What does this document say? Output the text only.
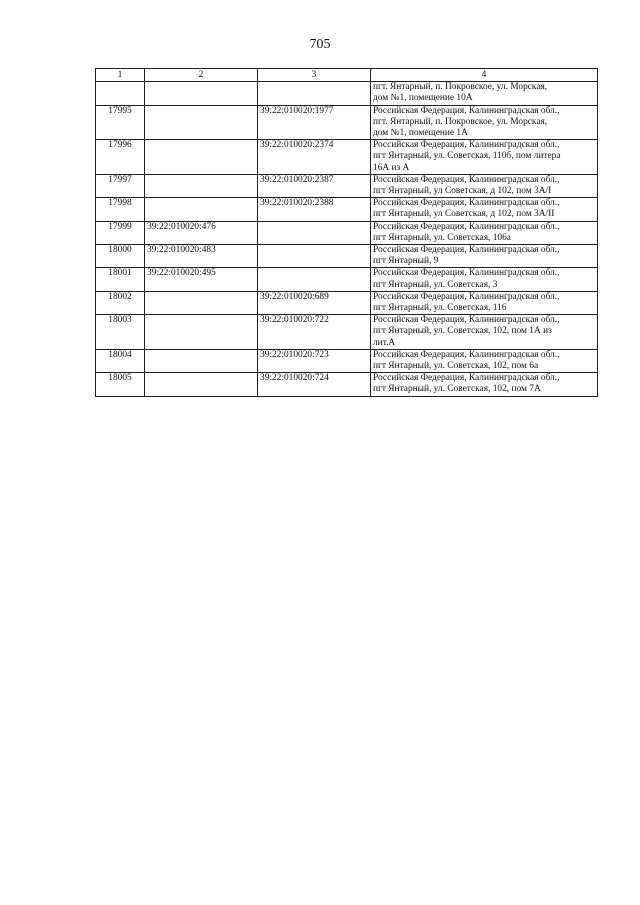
705
1	2	3	4
			пгт. Янтарный, п. Покровское, ул. Морская,
дом №1, помещение 10А
17995		39:22:010020:1977	Российская Федерация, Калининградская обл.,
пгт. Янтарный, п. Покровское, ул. Морская,
дом №1, помещение 1А
17996		39:22:010020:2374	Российская Федерация, Калининградская обл.,
пгт Янтарный, ул. Советская, 110б, пом литера
16А из А
17997		39:22:010020:2387	Российская Федерация, Калининградская обл.,
пгт Янтарный, ул Советская, д 102, пом 3А/I
17998		39:22:010020:2388	Российская Федерация, Калининградская обл.,
пгт Янтарный, ул Советская, д 102, пом 3А/II
17999	39:22:010020:476		Российская Федерация, Калининградская обл.,
пгт Янтарный, ул. Советская, 106а
18000	39:22:010020:483		Российская Федерация, Калининградская обл.,
пгт Янтарный, 9
18001	39:22:010020:495		Российская Федерация, Калининградская обл.,
пгт Янтарный, ул. Советская, 3
18002		39:22:010020:689	Российская Федерация, Калининградская обл.,
пгт Янтарный, ул. Советская, 116
18003		39:22:010020:722	Российская Федерация, Калининградская обл.,
пгт Янтарный, ул. Советская, 102, пом 1А из
лит.А
18004		39:22:010020:723	Российская Федерация, Калининградская обл.,
пгт Янтарный, ул. Советская, 102, пом 6а
18005		39:22:010020:724	Российская Федерация, Калининградская обл.,
пгт Янтарный, ул. Советская, 102, пом 7А
